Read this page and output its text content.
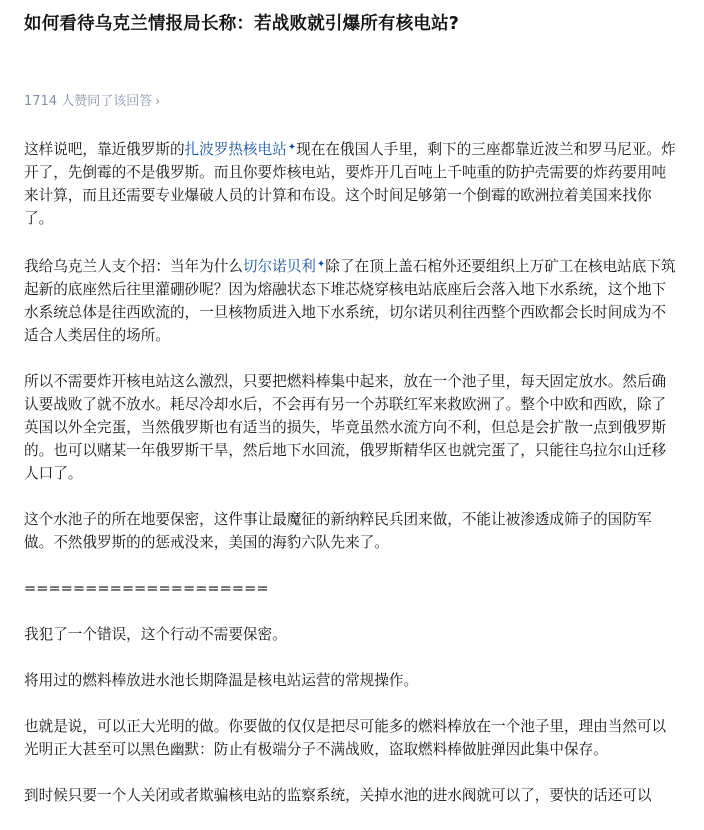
如何看待乌克兰情报局长称：若战败就引爆所有核电站?
1714 人赞同了该回答 ›

这样说吧，靠近俄罗斯的扎波罗热核电站✦现在在俄国人手里，剩下的三座都靠近波兰和罗马尼亚。炸开了，先倒霉的不是俄罗斯。而且你要炸核电站，要炸开几百吨上千吨重的防护壳需要的炸药要用吨来计算，而且还需要专业爆破人员的计算和布设。这个时间足够第一个倒霉的欧洲拉着美国来找你了。

我给乌克兰人支个招：当年为什么切尔诺贝利✦除了在顶上盖石棺外还要组织上万矿工在核电站底下筑起新的底座然后往里灌硼砂呢？因为熔融状态下堆芯烧穿核电站底座后会落入地下水系统，这个地下水系统总体是往西欧流的，一旦核物质进入地下水系统，切尔诺贝利往西整个西欧都会长时间成为不适合人类居住的场所。

所以不需要炸开核电站这么激烈，只要把燃料棒集中起来，放在一个池子里，每天固定放水。然后确认要战败了就不放水。耗尽冷却水后，不会再有另一个苏联红军来救欧洲了。整个中欧和西欧，除了英国以外全完蛋，当然俄罗斯也有适当的损失，毕竟虽然水流方向不利，但总是会扩散一点到俄罗斯的。也可以赌某一年俄罗斯干旱，然后地下水回流，俄罗斯精华区也就完蛋了，只能往乌拉尔山迁移人口了。

这个水池子的所在地要保密，这件事让最魔征的新纳粹民兵团来做，不能让被渗透成筛子的国防军做。不然俄罗斯的的惩戒没来，美国的海豹六队先来了。

====================

我犯了一个错误，这个行动不需要保密。

将用过的燃料棒放进水池长期降温是核电站运营的常规操作。

也就是说，可以正大光明的做。你要做的仅仅是把尽可能多的燃料棒放在一个池子里，理由当然可以光明正大甚至可以黑色幽默：防止有极端分子不满战败，盗取燃料棒做脏弹因此集中保存。

到时候只要一个人关闭或者欺骗核电站的监察系统，关掉水池的进水阀就可以了，要快的话还可以
